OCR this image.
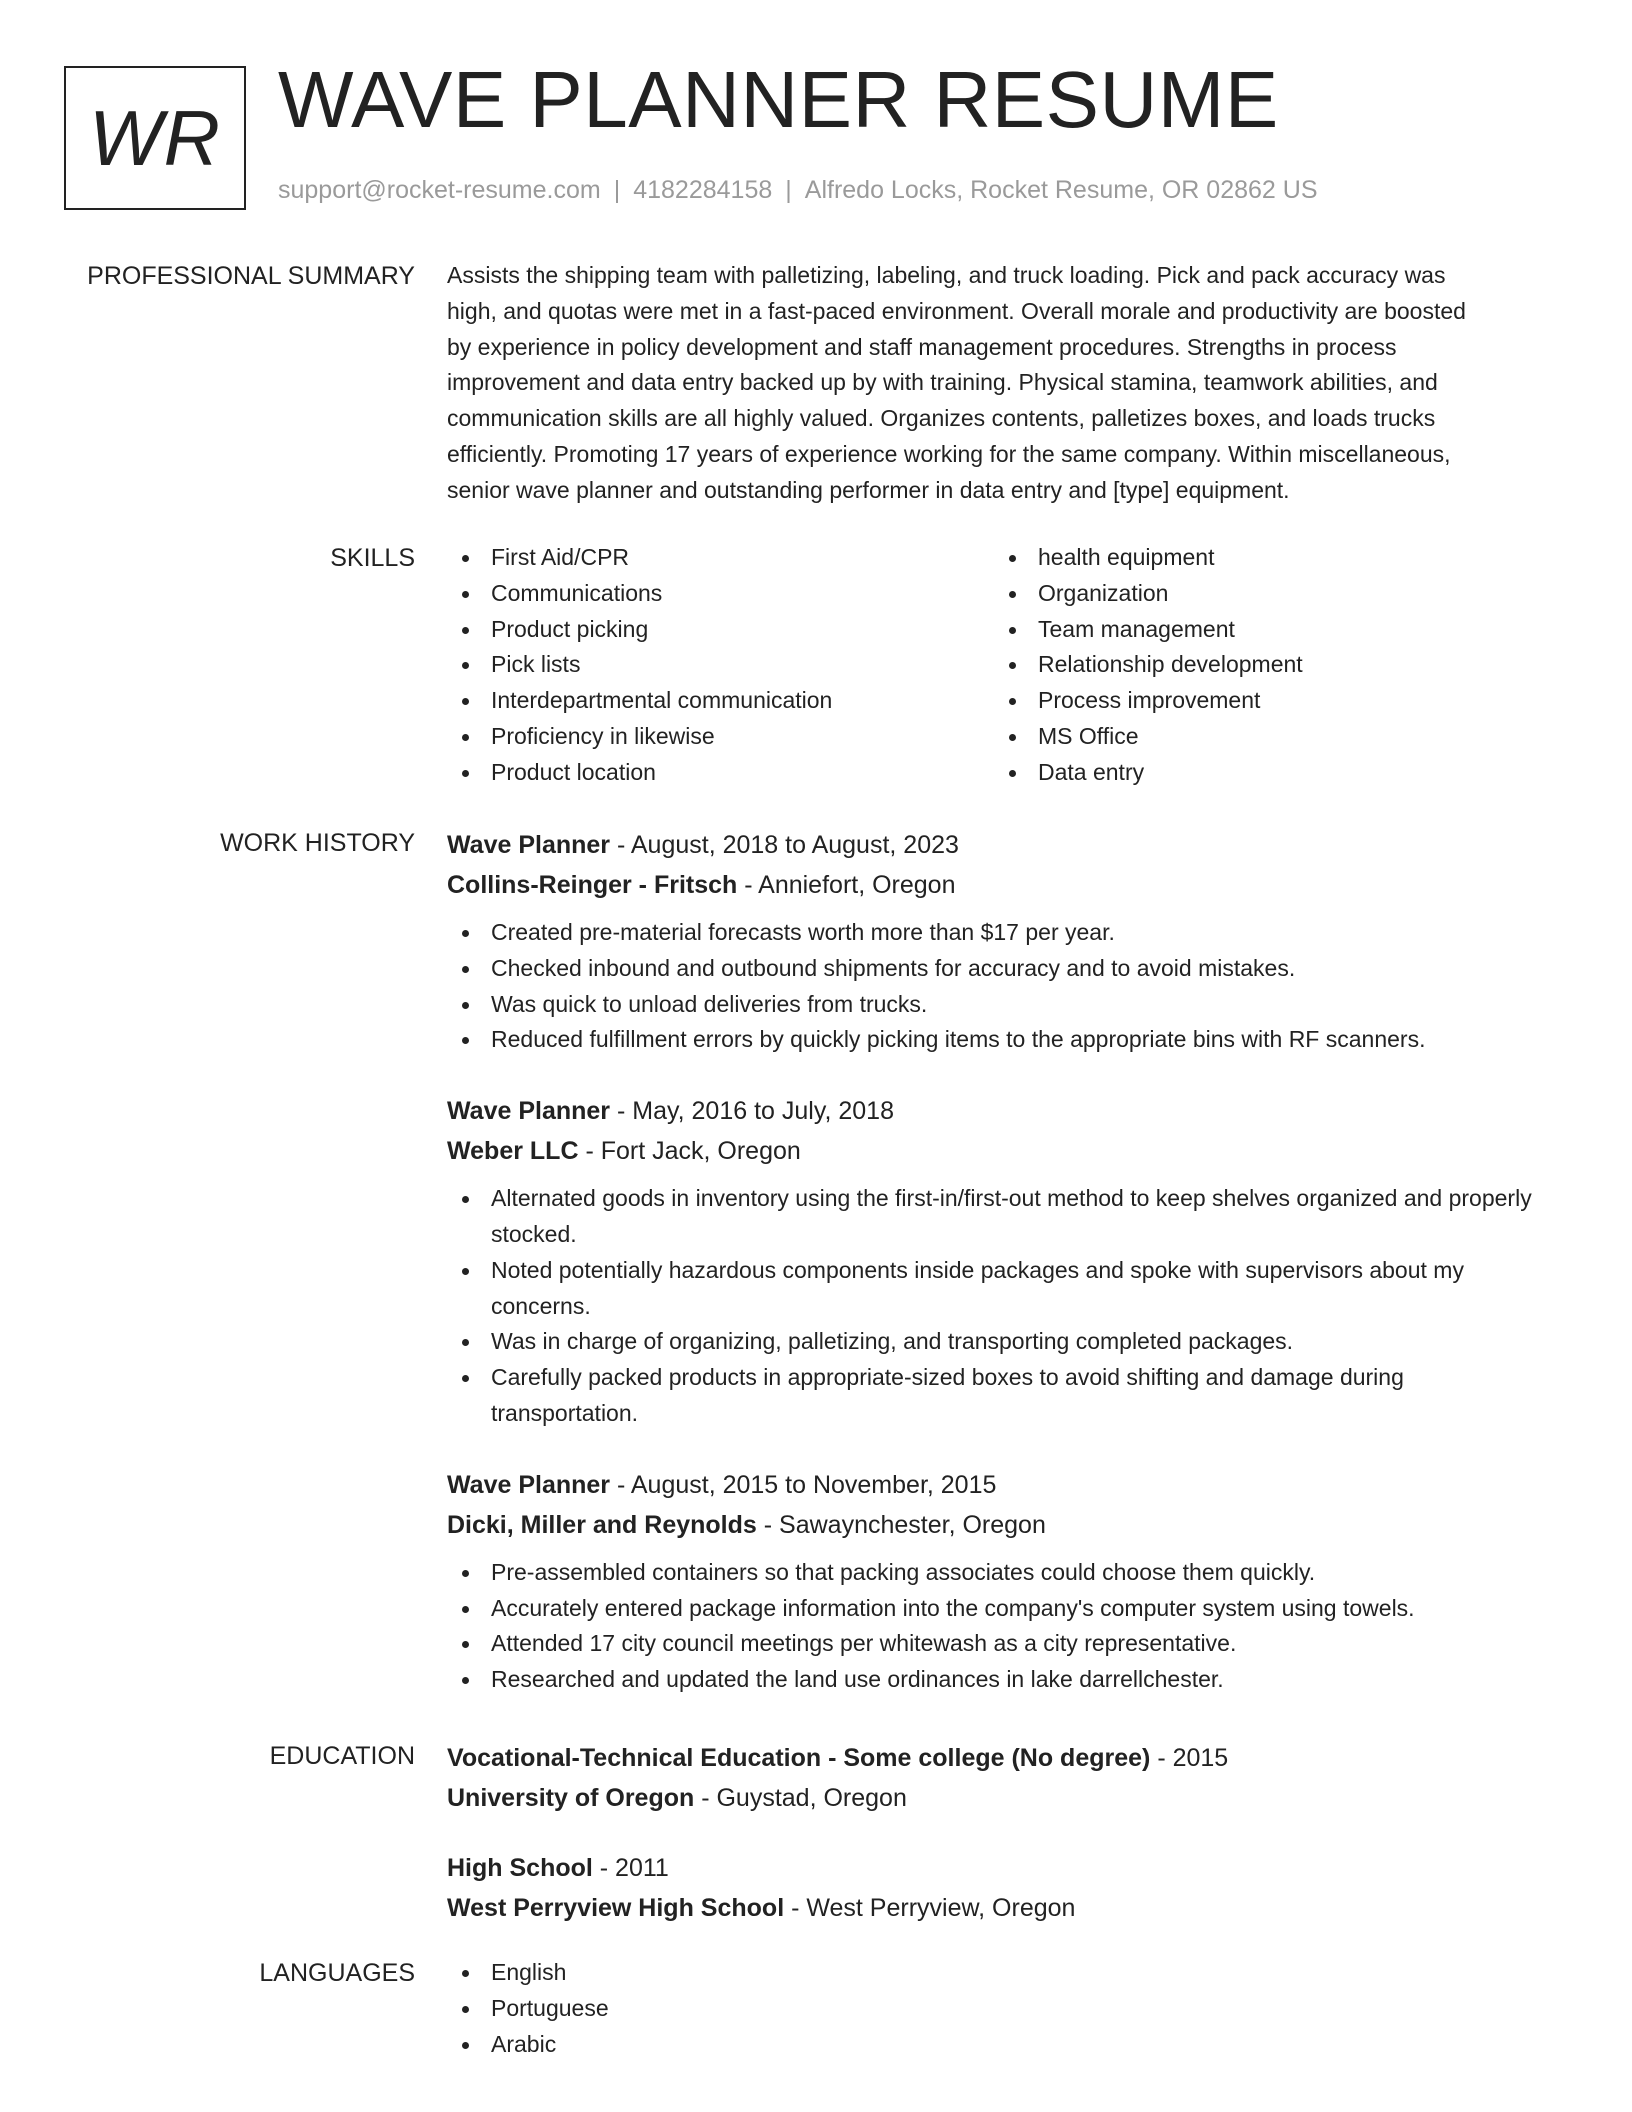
WR WAVE PLANNER RESUME
support@rocket-resume.com | 4182284158 | Alfredo Locks, Rocket Resume, OR 02862 US
PROFESSIONAL SUMMARY Assists the shipping team with palletizing, labeling, and truck loading. Pick and pack accuracy was
high, and quotas were met in a fast-paced environment. Overall morale and productivity are boosted
by experience in policy development and staff management procedures. Strengths in process
improvement and data entry backed up by with training. Physical stamina, teamwork abilities, and
communication skills are all highly valued. Organizes contents, palletizes boxes, and loads trucks
efficiently. Promoting 17 years of experience working for the same company. Within miscellaneous,
senior wave planner and outstanding performer in data entry and [type] equipment.
SKILLS	First Aid/CPR
Communications
Product picking
Pick lists
Interdepartmental communication
Proficiency in likewise
Product location
health equipment
Organization
Team management
Relationship development
Process improvement
MS Office
Data entry
WORK HISTORY Wave Planner - August, 2018 to August, 2023
Collins-Reinger - Fritsch - Anniefort, Oregon
Created pre-material forecasts worth more than $17 per year.
Checked inbound and outbound shipments for accuracy and to avoid mistakes.
Was quick to unload deliveries from trucks.
Reduced fulfillment errors by quickly picking items to the appropriate bins with RF scanners.
Wave Planner - May, 2016 to July, 2018
Weber LLC - Fort Jack, Oregon
Alternated goods in inventory using the first-in/first-out method to keep shelves organized and properly stocked.
Noted potentially hazardous components inside packages and spoke with supervisors about my concerns.
Was in charge of organizing, palletizing, and transporting completed packages.
Carefully packed products in appropriate-sized boxes to avoid shifting and damage during transportation.
Wave Planner - August, 2015 to November, 2015
Dicki, Miller and Reynolds - Sawaynchester, Oregon
Pre-assembled containers so that packing associates could choose them quickly.
Accurately entered package information into the company's computer system using towels.
Attended 17 city council meetings per whitewash as a city representative.
Researched and updated the land use ordinances in lake darrellchester.
EDUCATION Vocational-Technical Education - Some college (No degree) - 2015
University of Oregon - Guystad, Oregon
High School - 2011
West Perryview High School - West Perryview, Oregon
LANGUAGES	English
Portuguese
Arabic
